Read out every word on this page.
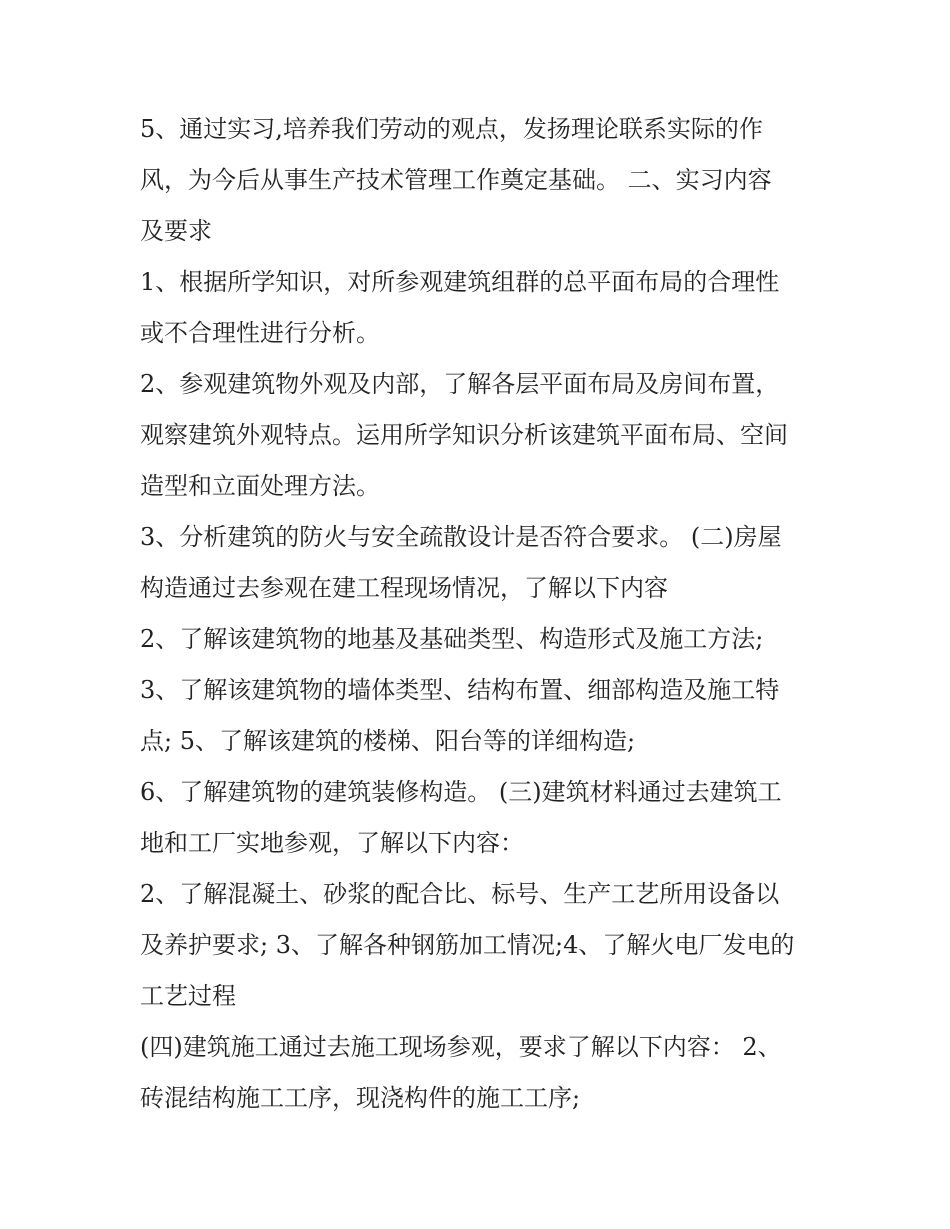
5、通过实习,培养我们劳动的观点，发扬理论联系实际的作
风，为今后从事生产技术管理工作奠定基础。 二、实习内容
及要求
1、根据所学知识，对所参观建筑组群的总平面布局的合理性
或不合理性进行分析。
2、参观建筑物外观及内部，了解各层平面布局及房间布置，
观察建筑外观特点。运用所学知识分析该建筑平面布局、空间
造型和立面处理方法。
3、分析建筑的防火与安全疏散设计是否符合要求。 (二)房屋
构造通过去参观在建工程现场情况，了解以下内容
2、了解该建筑物的地基及基础类型、构造形式及施工方法;
3、了解该建筑物的墙体类型、结构布置、细部构造及施工特
点; 5、了解该建筑的楼梯、阳台等的详细构造;
6、了解建筑物的建筑装修构造。 (三)建筑材料通过去建筑工
地和工厂实地参观，了解以下内容：
2、了解混凝土、砂浆的配合比、标号、生产工艺所用设备以
及养护要求; 3、了解各种钢筋加工情况;4、了解火电厂发电的
工艺过程
(四)建筑施工通过去施工现场参观，要求了解以下内容： 2、
砖混结构施工工序，现浇构件的施工工序;
